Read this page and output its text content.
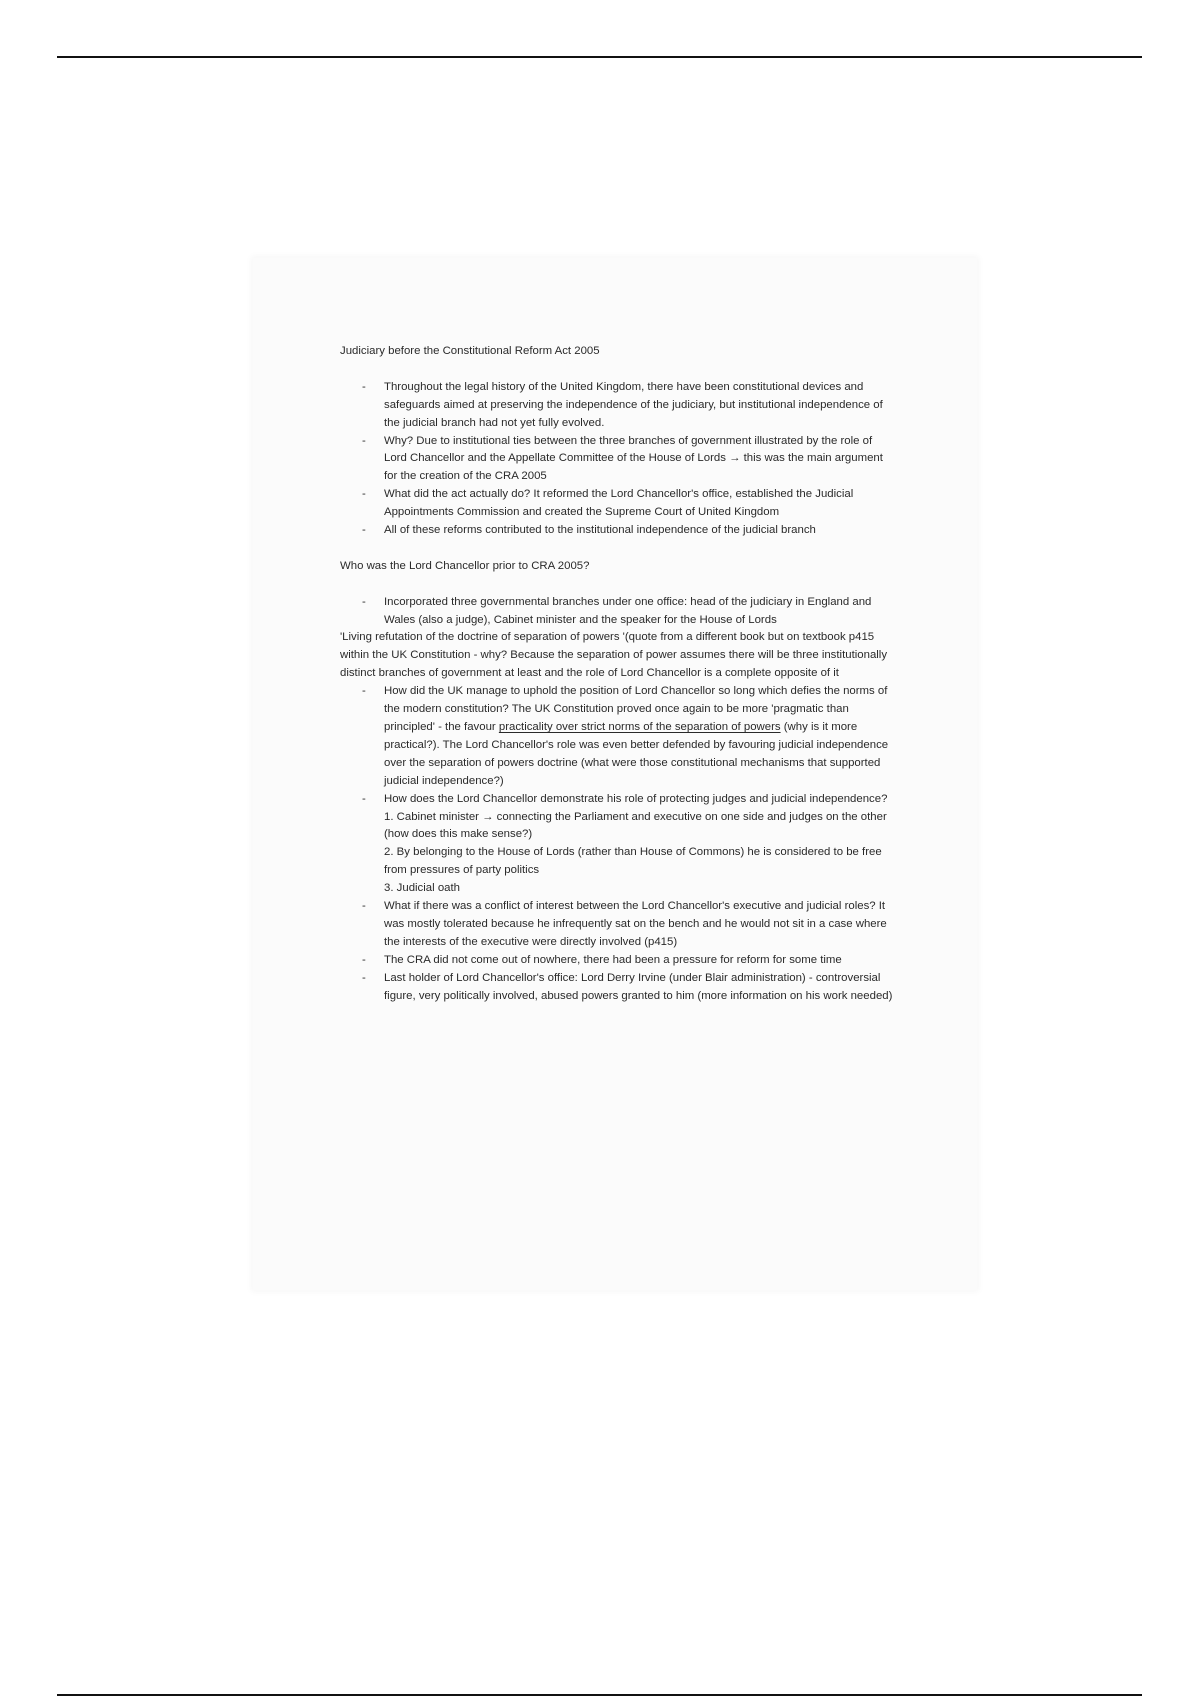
Judiciary before the Constitutional Reform Act 2005

- Throughout the legal history of the United Kingdom, there have been constitutional devices and safeguards aimed at preserving the independence of the judiciary, but institutional independence of the judicial branch had not yet fully evolved.
- Why? Due to institutional ties between the three branches of government illustrated by the role of Lord Chancellor and the Appellate Committee of the House of Lords → this was the main argument for the creation of the CRA 2005
- What did the act actually do? It reformed the Lord Chancellor's office, established the Judicial Appointments Commission and created the Supreme Court of United Kingdom
- All of these reforms contributed to the institutional independence of the judicial branch

Who was the Lord Chancellor prior to CRA 2005?

- Incorporated three governmental branches under one office: head of the judiciary in England and Wales (also a judge), Cabinet minister and the speaker for the House of Lords

'Living refutation of the doctrine of separation of powers '(quote from a different book but on textbook p415 within the UK Constitution - why? Because the separation of power assumes there will be three institutionally distinct branches of government at least and the role of Lord Chancellor is a complete opposite of it

- How did the UK manage to uphold the position of Lord Chancellor so long which defies the norms of the modern constitution? The UK Constitution proved once again to be more 'pragmatic than principled' - the favour practicality over strict norms of the separation of powers (why is it more practical?). The Lord Chancellor's role was even better defended by favouring judicial independence over the separation of powers doctrine (what were those constitutional mechanisms that supported judicial independence?)
- How does the Lord Chancellor demonstrate his role of protecting judges and judicial independence?
1. Cabinet minister → connecting the Parliament and executive on one side and judges on the other (how does this make sense?)
2. By belonging to the House of Lords (rather than House of Commons) he is considered to be free from pressures of party politics
3. Judicial oath
- What if there was a conflict of interest between the Lord Chancellor's executive and judicial roles? It was mostly tolerated because he infrequently sat on the bench and he would not sit in a case where the interests of the executive were directly involved (p415)
- The CRA did not come out of nowhere, there had been a pressure for reform for some time
- Last holder of Lord Chancellor's office: Lord Derry Irvine (under Blair administration) - controversial figure, very politically involved, abused powers granted to him (more information on his work needed)
